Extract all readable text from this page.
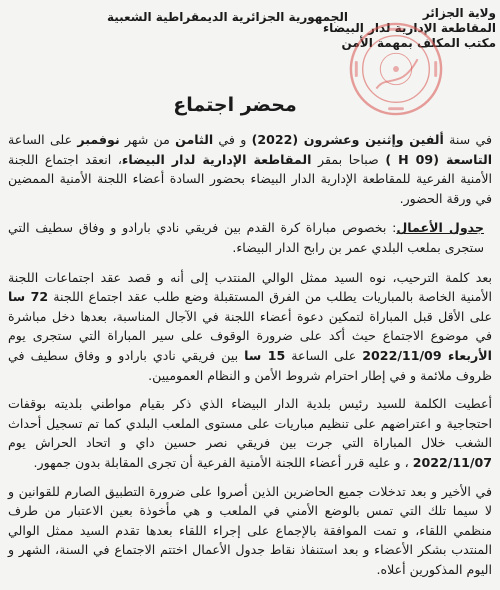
الجمهورية الجزائرية الديمقراطية الشعبية	ولاية الجزائر
المقاطعة الإدارية لدار البيضاء
مكتب المكلف بمهمة الأمن
محضر اجتماع

في سنة ألفين وإثنين وعشرون (2022) و في الثامن من شهر نوفمبر على الساعة التاسعة (H 09 ) صباحا بمقر المقاطعة الإدارية لدار البيضاء، انعقد اجتماع اللجنة الأمنية الفرعية للمقاطعة الإدارية الدار البيضاء بحضور السادة أعضاء اللجنة الأمنية الممضين في ورقة الحضور.

جدول الأعمال: بخصوص مباراة كرة القدم بين فريقي نادي بارادو و وفاق سطيف التي ستجرى بملعب البلدي عمر بن رابح الدار البيضاء.

بعد كلمة الترحيب، نوه السيد ممثل الوالي المنتدب إلى أنه و قصد عقد اجتماعات اللجنة الأمنية الخاصة بالمباريات يطلب من الفرق المستقبلة وضع طلب عقد اجتماع اللجنة 72 سا على الأقل قبل المباراة لتمكين دعوة أعضاء اللجنة في الآجال المناسبة، بعدها دخل مباشرة في موضوع الاجتماع حيث أكد على ضرورة الوقوف على سير المباراة التي ستجرى يوم الأربعاء 2022/11/09 على الساعة 15 سا بين فريقي نادي بارادو و وفاق سطيف في ظروف ملائمة و في إطار احترام شروط الأمن و النظام العموميين.

أعطيت الكلمة للسيد رئيس بلدية الدار البيضاء الذي ذكر بقيام مواطني بلديته بوقفات احتجاجية و اعتراضهم على تنظيم مباريات على مستوى الملعب البلدي كما تم تسجيل أحداث الشغب خلال المباراة التي جرت بين فريقي نصر حسين داي و اتحاد الحراش يوم 2022/11/07 ، و عليه قرر أعضاء اللجنة الأمنية الفرعية أن تجرى المقابلة بدون جمهور.

في الأخير و بعد تدخلات جميع الحاضرين الذين أصروا على ضرورة التطبيق الصارم للقوانين و لا سيما تلك التي تمس بالوضع الأمني في الملعب و هي مأخوذة بعين الاعتبار من طرف منظمي اللقاء، و تمت الموافقة بالإجماع على إجراء اللقاء بعدها تقدم السيد ممثل الوالي المنتدب بشكر الأعضاء و بعد استنفاذ نقاط جدول الأعمال اختتم الاجتماع في السنة، الشهر و اليوم المذكورين أعلاه.
